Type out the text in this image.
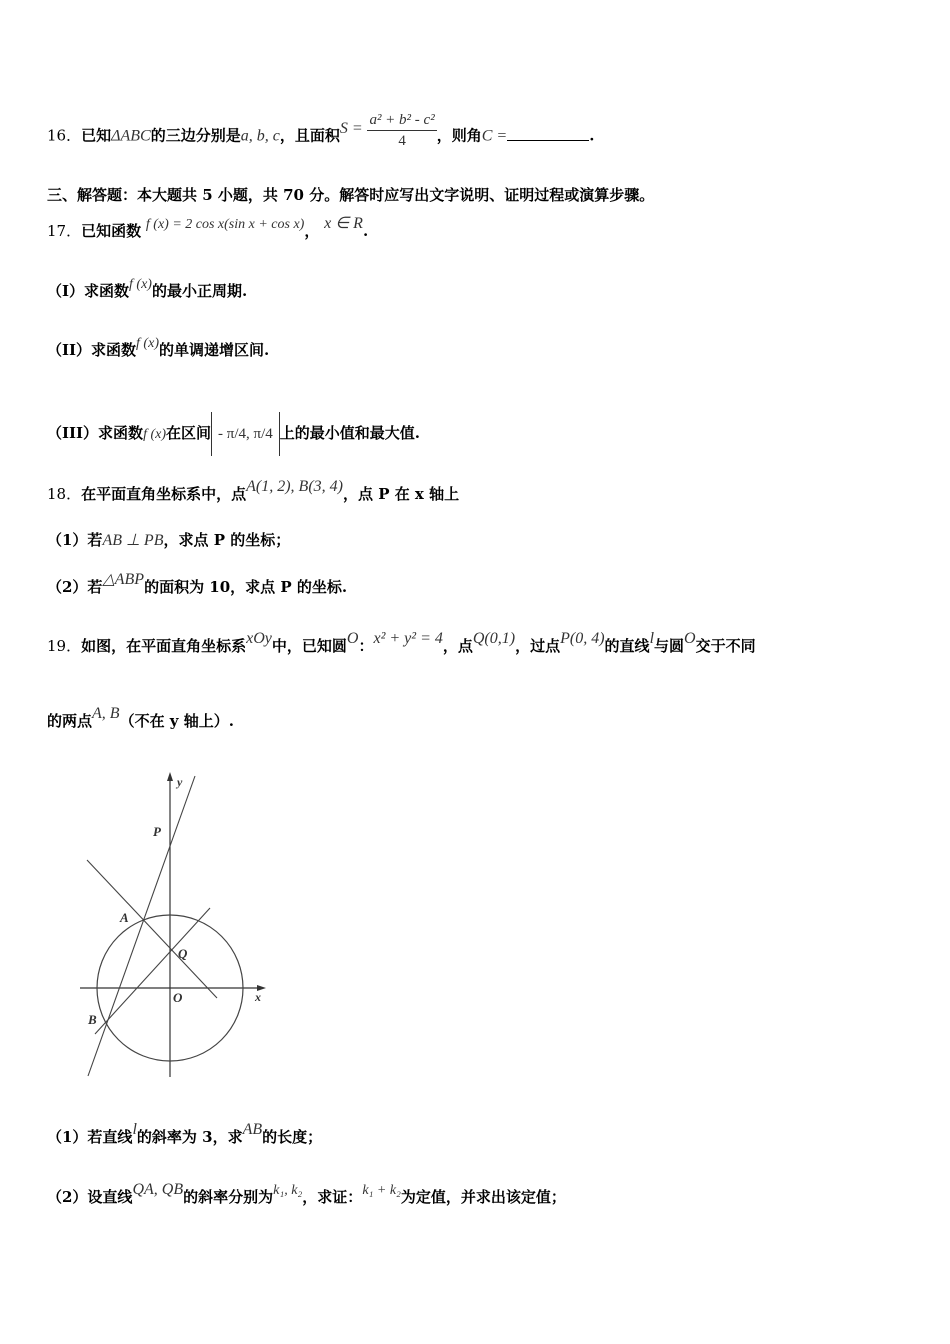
16．已知ΔABC的三边分别是a, b, c，且面积$S = \frac{\text{a² + b² - c²}}{4}$ ，则角C =	.
三、解答题：本大题共 5 小题，共 70 分。解答时应写出文字说明、证明过程或演算步骤。
17．已知函数 f (x) = 2 cos x(sin x + cos x)， x ∈ R.
（I）求函数f (x)的最小正周期.
（II）求函数f (x)的单调递增区间.
（III）求函数f (x)在区间 - π/4, π/4 上的最小值和最大值.
18．在平面直角坐标系中，点A(1, 2), B(3, 4)，点 P 在 x 轴上
（1）若AB ⊥ PB，求点 P 的坐标；
（2）若△ABP的面积为 10，求点 P 的坐标.
19．如图，在平面直角坐标系xOy中，已知圆O：x² + y² = 4，点Q(0,1)，过点P(0, 4)的直线l与圆O交于不同
的两点A, B（不在 y 轴上）.
y
x
P
A
Q
O
B
（1）若直线l的斜率为 3，求AB的长度；
（2）设直线QA, QB的斜率分别为k₁, k₂，求证：k₁ + k₂为定值，并求出该定值；
